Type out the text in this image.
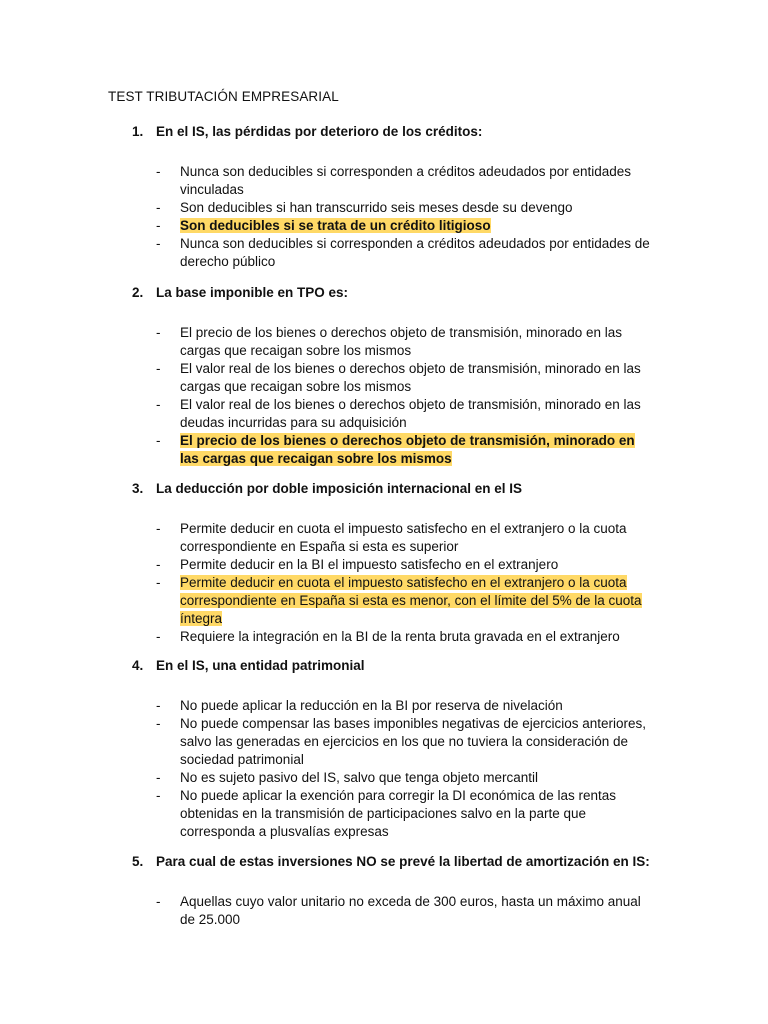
TEST TRIBUTACIÓN EMPRESARIAL
1. En el IS, las pérdidas por deterioro de los créditos:
-	Nunca son deducibles si corresponden a créditos adeudados por entidades vinculadas
-	Son deducibles si han transcurrido seis meses desde su devengo
-	Son deducibles si se trata de un crédito litigioso
-	Nunca son deducibles si corresponden a créditos adeudados por entidades de derecho público
2. La base imponible en TPO es:
-	El precio de los bienes o derechos objeto de transmisión, minorado en las cargas que recaigan sobre los mismos
-	El valor real de los bienes o derechos objeto de transmisión, minorado en las cargas que recaigan sobre los mismos
-	El valor real de los bienes o derechos objeto de transmisión, minorado en las deudas incurridas para su adquisición
-	El precio de los bienes o derechos objeto de transmisión, minorado en las cargas que recaigan sobre los mismos
3. La deducción por doble imposición internacional en el IS
-	Permite deducir en cuota el impuesto satisfecho en el extranjero o la cuota correspondiente en España si esta es superior
-	Permite deducir en la BI el impuesto satisfecho en el extranjero
-	Permite deducir en cuota el impuesto satisfecho en el extranjero o la cuota correspondiente en España si esta es menor, con el límite del 5% de la cuota íntegra
-	Requiere la integración en la BI de la renta bruta gravada en el extranjero
4. En el IS, una entidad patrimonial
-	No puede aplicar la reducción en la BI por reserva de nivelación
-	No puede compensar las bases imponibles negativas de ejercicios anteriores, salvo las generadas en ejercicios en los que no tuviera la consideración de sociedad patrimonial
-	No es sujeto pasivo del IS, salvo que tenga objeto mercantil
-	No puede aplicar la exención para corregir la DI económica de las rentas obtenidas en la transmisión de participaciones salvo en la parte que corresponda a plusvalías expresas
5. Para cual de estas inversiones NO se prevé la libertad de amortización en IS:
-	Aquellas cuyo valor unitario no exceda de 300 euros, hasta un máximo anual de 25.000
